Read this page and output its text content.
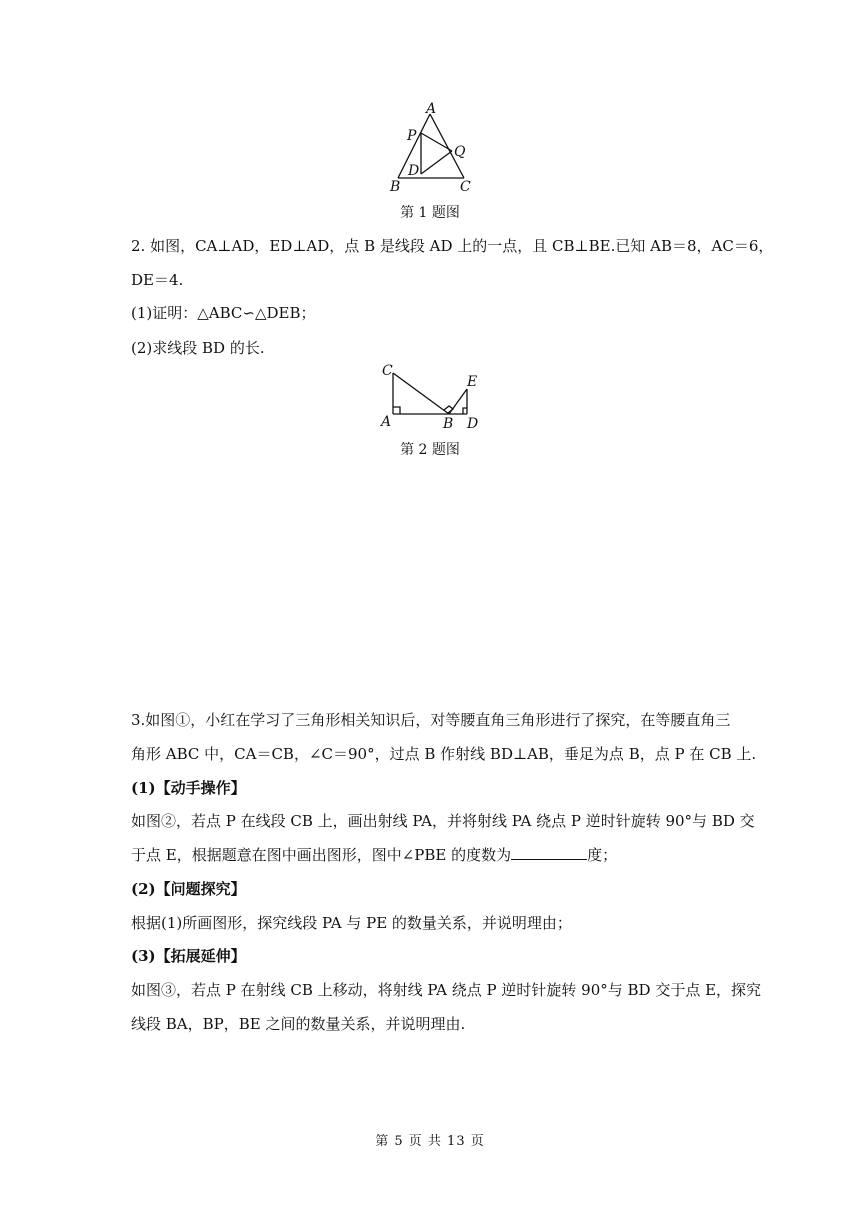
A
P
Q
D
B	C
第 1 题图
2. 如图，CA⊥AD，ED⊥AD，点 B 是线段 AD 上的一点，且 CB⊥BE.已知 AB＝8，AC＝6，
DE＝4.
(1)证明：△ABC∽△DEB；
(2)求线段 BD 的长.
C
E
A	B D
第 2 题图
3.如图①，小红在学习了三角形相关知识后，对等腰直角三角形进行了探究，在等腰直角三
角形 ABC 中，CA＝CB，∠C＝90°，过点 B 作射线 BD⊥AB，垂足为点 B，点 P 在 CB 上.
(1)【动手操作】
如图②，若点 P 在线段 CB 上，画出射线 PA，并将射线 PA 绕点 P 逆时针旋转 90°与 BD 交
于点 E，根据题意在图中画出图形，图中∠PBE 的度数为	度；
(2)【问题探究】
根据(1)所画图形，探究线段 PA 与 PE 的数量关系，并说明理由；
(3)【拓展延伸】
如图③，若点 P 在射线 CB 上移动，将射线 PA 绕点 P 逆时针旋转 90°与 BD 交于点 E，探究
线段 BA，BP，BE 之间的数量关系，并说明理由.
第 5 页 共 13 页
